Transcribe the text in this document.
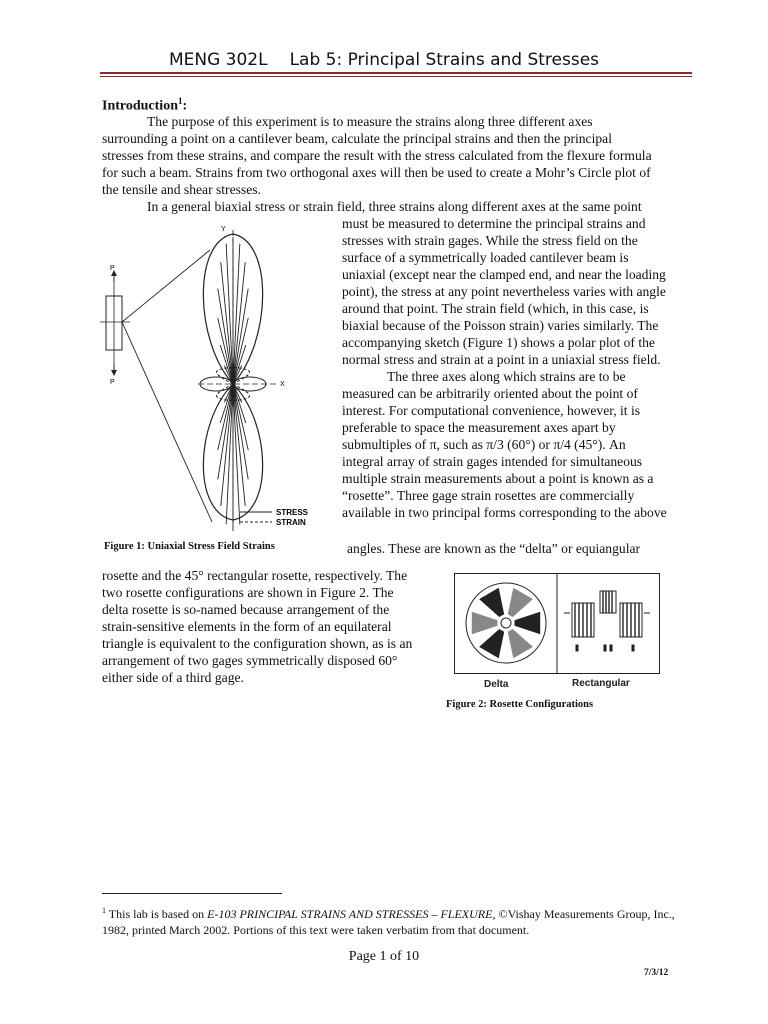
MENG 302L Lab 5: Principal Strains and Stresses
Introduction$^1$:
The purpose of this experiment is to measure the strains along three different axes
surrounding a point on a cantilever beam, calculate the principal strains and then the principal
stresses from these strains, and compare the result with the stress calculated from the flexure formula
for such a beam. Strains from two orthogonal axes will then be used to create a Mohr’s Circle plot of
the tensile and shear stresses.
In a general biaxial stress or strain field, three strains along different axes at the same point
must be measured to determine the principal strains and
stresses with strain gages. While the stress field on the
surface of a symmetrically loaded cantilever beam is
uniaxial (except near the clamped end, and near the loading
point), the stress at any point nevertheless varies with angle
around that point. The strain field (which, in this case, is
biaxial because of the Poisson strain) varies similarly. The
accompanying sketch (Figure 1) shows a polar plot of the
normal stress and strain at a point in a uniaxial stress field.
The three axes along which strains are to be
measured can be arbitrarily oriented about the point of
interest. For computational convenience, however, it is
preferable to space the measurement axes apart by
submultiples of π, such as π/3 (60°) or π/4 (45°). An
integral array of strain gages intended for simultaneous
multiple strain measurements about a point is known as a
“rosette”. Three gage strain rosettes are commercially
available in two principal forms corresponding to the above
Y
X
P
P
STRESS
STRAIN
Figure 1: Uniaxial Stress Field Strains	angles. These are known as the “delta” or equiangular
rosette and the 45° rectangular rosette, respectively. The
two rosette configurations are shown in Figure 2. The
delta rosette is so-named because arrangement of the
strain-sensitive elements in the form of an equilateral
triangle is equivalent to the configuration shown, as is an
arrangement of two gages symmetrically disposed 60°
either side of a third gage.	Delta	Rectangular
Figure 2: Rosette Configurations
$^1$ This lab is based on E-103 PRINCIPAL STRAINS AND STRESSES – FLEXURE, ©Vishay Measurements Group, Inc., 1982, printed March 2002. Portions of this text were taken verbatim from that document.
Page 1 of 10
7/3/12
